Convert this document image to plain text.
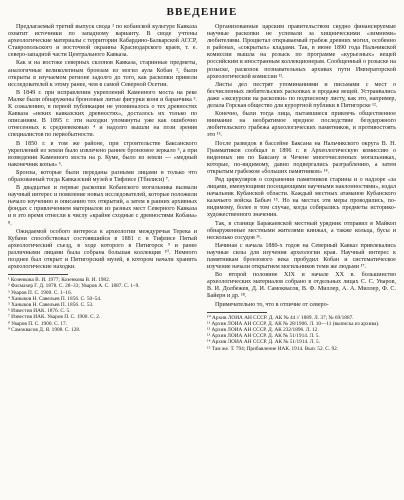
ВВЕДЕНИЕ

Предлагаемый третий выпуск свода ¹ по кобанской культуре Кавказа охватит источники по западному варианту. В своде учтены археологические материалы с территории Кабардино-Балкарской АССР, Ставропольского и восточной окраины Краснодарского краев, т. е. северо-западной части Центрального Кавказа.

Как и на востоке северных склонов Кавказа, старинные предметы, аналогичные великолепным бронзам из могил аула Кобан ², были открыты в изучаемом регионе задолго до того, как раскопки привели исследователей к этому ранее, чем в самой Северной Осетии.

В 1849 г. при исправлении укреплений Каменного моста на реке Малке были обнаружены бронзовые литые фигурки коня и баранчика ³. К сожалению, в первой публикации не упоминалось о тех древностях Кавказа «неких кавказских древностях», досталось их только по описаниям. В 1895 г. эти находки упомянуты уже как ошибочно отнесенных к средневековью ⁴ и надолго вышли на пози зрения специалистов по первобытности.

В 1850 г. в том же районе, при строительстве Баксанского укреплений из земли было извлечено раннее бронзовое зеркало ⁵, а при возведении Каменного моста на р. Куме, было из земли — «медный наконечник копья» ⁶.

Бронзы, которые были переданы разными лицами в только что образованный тогда Кавказский музей в Тифлисе (Тбилиси) ⁷.

В двадцатые и первые раскопки Кобанского могильника вызвали научный интерес и появление новых исследователей, которые положили начало изучению и описанию тех открытий, а затем в ранних архивных фондах с привлечением материалов из разных мест Северного Кавказа и в это время отнесли к числу «крайне сходные с древностями Кобана» ⁸.

Ожидаемой особого интереса к археологии междуречья Терека и Кубани способствовал состоявшийся в 1881 г. в Тифлисе Пятый археологический съезд, в ходе которого в Пятигорск ⁹ и ранее различными лицами была собрана большая коллекция ¹⁰. Немного позднее был открыт и Пятигорский музей, в котором начали хранить археологические находки.

¹ Козенкова В. И. 1977; Козенкова В. И. 1982.

² Фасмахер Г. Д. 1878. С. 28–33; Уваров А. С. 1887. С. 1–9.

³ Уваров П. С. 1900. С. 1–16.

⁴ Ханыков Н. Савельев П. 1856. С. 50–54.

⁵ Ханыков Н. Савельев П. 1856. С. 53.

⁶ Известия ИАК. 1876. С. 5.

⁷ Известия ИАК. Уваров П. С. 1900. С. 2.

⁸ Уваров П. С. 1900. С. 17.

⁹ Самоквасов Д. Я. 1908. С. 128.

Организованные царским правительством скудно финансируемые научные раскопки не успевали за хищническими «зимними» любителями. Процветал открываемый грабеж древних могил, особенно в районах, «сокрытых» кладами. Так, в июне 1890 года Нальчикской комиссии вышла на розыск по программе «курьезных» вещей российским и иностранным коллекционерам. Сообщенный о розыске на розыске, раскопок познавательных архивах пути Императорской археологической комиссии ¹¹.

Листы дел пестрят упоминаниями и письмами с мест о бесчисленных любительских раскопках и продаже вещей. Устраивались даже «экскурсии на раскопки» по подписному листу, как это, например, делала Горская общество для курортной публики в Пятигорске ¹².

Конечно, были тогда лица, пытавшиеся привлечь общественное внимание на необратимое вредное последствие безудержного любительского грабежа археологических памятников, и противостоять это ¹³.

После разведок в бассейне Баксана на Нальчикского округа В. Н. Грамматиков сообщал в 1896 г. в Археологическую комиссию о виденных им по Баксану и Чечене многочисленных могильниках, которые, по-видимому, давно подвергались разграблению, а затем открытым грабежом «больших памятников» ¹⁴.

Ряд циркуляров о сохранении памятников старины и о надзоре «за лицами, именующими посещающими научными наклонностями», издал начальник Кубанской области. Каждый местных атаманов Кубанского казачьего войска Бабыч ¹⁵. Но на местах эти меры проводились, по-видимому, более в том случае, когда собирались предметы историко-художественного значения.

Так, в станице Баракаевской местный урядник отправил в Майкоп обнаруженные местными жителями кинжал, а также кольца, бусы и несколько сосудов ¹⁶.

Начиная с начала 1880-х годов на Северный Кавказ привлекались научные силы для изучения археологии края. Научный интерес к памятникам бронзового века пробудил Кобан и систематическое изучение начали открытием могильников теми же людьми ¹⁷.

Во второй половине XIX и начале XX в. большинство археологических материалов собрано в отдельных лицах С. С. Уваров, В. И. Долбежев, Д. И. Самоквасов, В. Ф. Миллер, А. А. Миллер, Ф. С. Байерн и др. ¹⁸.

Примечательно то, что в отличие от северо-

¹⁰ Архив ЛОИА АН СССР. Д. АК № 44 // 1889. Л. 37; № 69/1887.

¹¹ Архив ЛОИА АН СССР. Д. АК № 28/1906. Л. 10—11 (выписка из архива).

¹² Архив ЛОИА АН СССР. Д. АК 232/1896. Л. 12.

¹³ Архив ЛОИА АН СССР. Д. АК № 51/1914. Л. 5.

¹⁴ Архив ЛОИА АН СССР. Д. АК № 51/1914. Л. 5.

¹⁵ Там же. Т. 794; Прибавление ИАК. 1914. Вып. 52. С. 92.
